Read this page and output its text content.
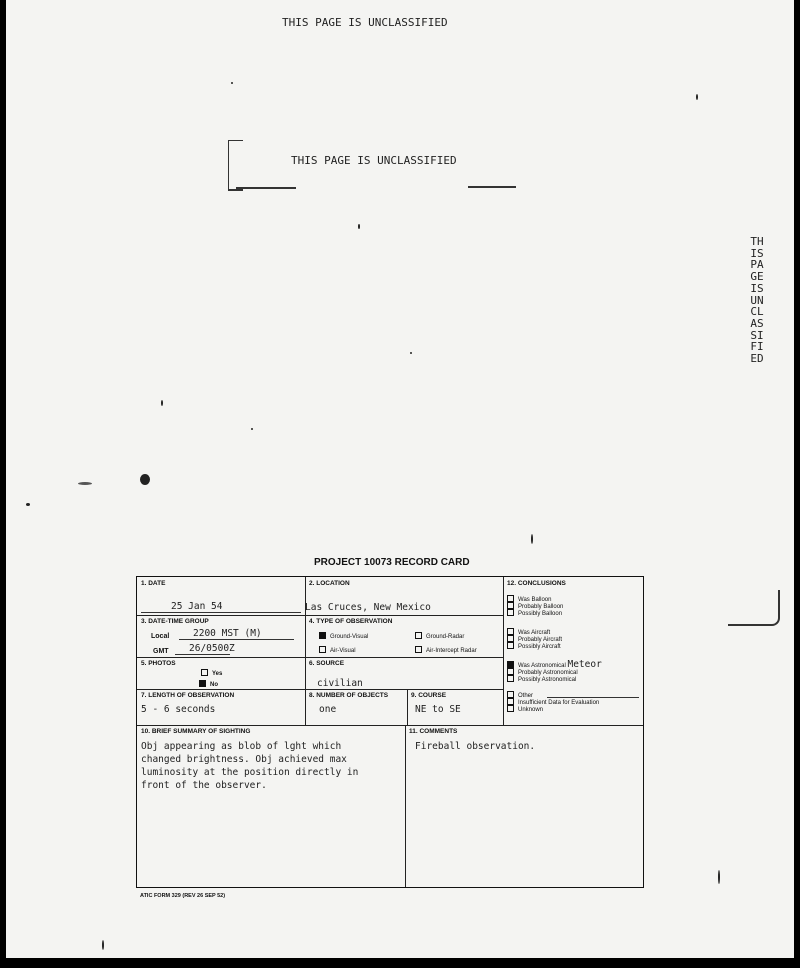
THIS PAGE IS UNCLASSIFIED
THIS PAGE IS UNCLASSIFIED
THISPAGEISUNCLASSIFIED
PROJECT 10073 RECORD CARD
1. DATE
25 Jan 54
2. LOCATION
Las Cruces, New Mexico
3. DATE-TIME GROUP
Local 2200 MST (M)
GMT 26/0500Z
4. TYPE OF OBSERVATION
Ground-Visual	Ground-Radar
Air-Visual	Air-Intercept Radar
5. PHOTOS
Yes
No
6. SOURCE
civilian
7. LENGTH OF OBSERVATION
5 - 6 seconds
8. NUMBER OF OBJECTS
one
9. COURSE
NE to SE
10. BRIEF SUMMARY OF SIGHTING
Obj appearing as blob of lght which
changed brightness. Obj achieved max
luminosity at the position directly in
front of the observer.
11. COMMENTS
Fireball observation.
12. CONCLUSIONS
Was Balloon
Probably Balloon
Possibly Balloon
Was Aircraft
Probably Aircraft
Possibly Aircraft
Was Astronomical Meteor
Probably Astronomical
Possibly Astronomical
Other
Insufficient Data for Evaluation
Unknown
ATIC FORM 329 (REV 26 SEP 52)
